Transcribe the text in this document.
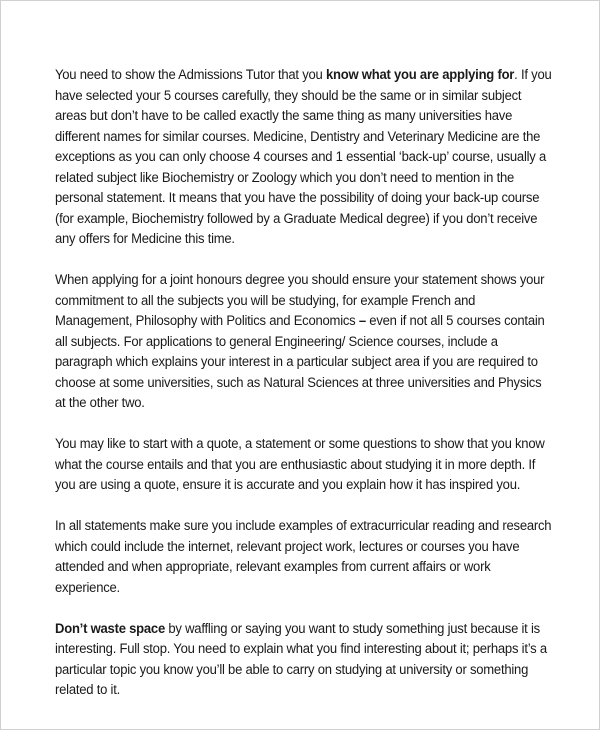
You need to show the Admissions Tutor that you know what you are applying for. If you have selected your 5 courses carefully, they should be the same or in similar subject areas but don’t have to be called exactly the same thing as many universities have different names for similar courses. Medicine, Dentistry and Veterinary Medicine are the exceptions as you can only choose 4 courses and 1 essential ‘back-up’ course, usually a related subject like Biochemistry or Zoology which you don’t need to mention in the personal statement. It means that you have the possibility of doing your back-up course (for example, Biochemistry followed by a Graduate Medical degree) if you don’t receive any offers for Medicine this time.

When applying for a joint honours degree you should ensure your statement shows your commitment to all the subjects you will be studying, for example French and Management, Philosophy with Politics and Economics – even if not all 5 courses contain all subjects. For applications to general Engineering/ Science courses, include a paragraph which explains your interest in a particular subject area if you are required to choose at some universities, such as Natural Sciences at three universities and Physics at the other two.

You may like to start with a quote, a statement or some questions to show that you know what the course entails and that you are enthusiastic about studying it in more depth. If you are using a quote, ensure it is accurate and you explain how it has inspired you.

In all statements make sure you include examples of extracurricular reading and research which could include the internet, relevant project work, lectures or courses you have attended and when appropriate, relevant examples from current affairs or work experience.

Don’t waste space by waffling or saying you want to study something just because it is interesting. Full stop. You need to explain what you find interesting about it; perhaps it’s a particular topic you know you’ll be able to carry on studying at university or something related to it.
